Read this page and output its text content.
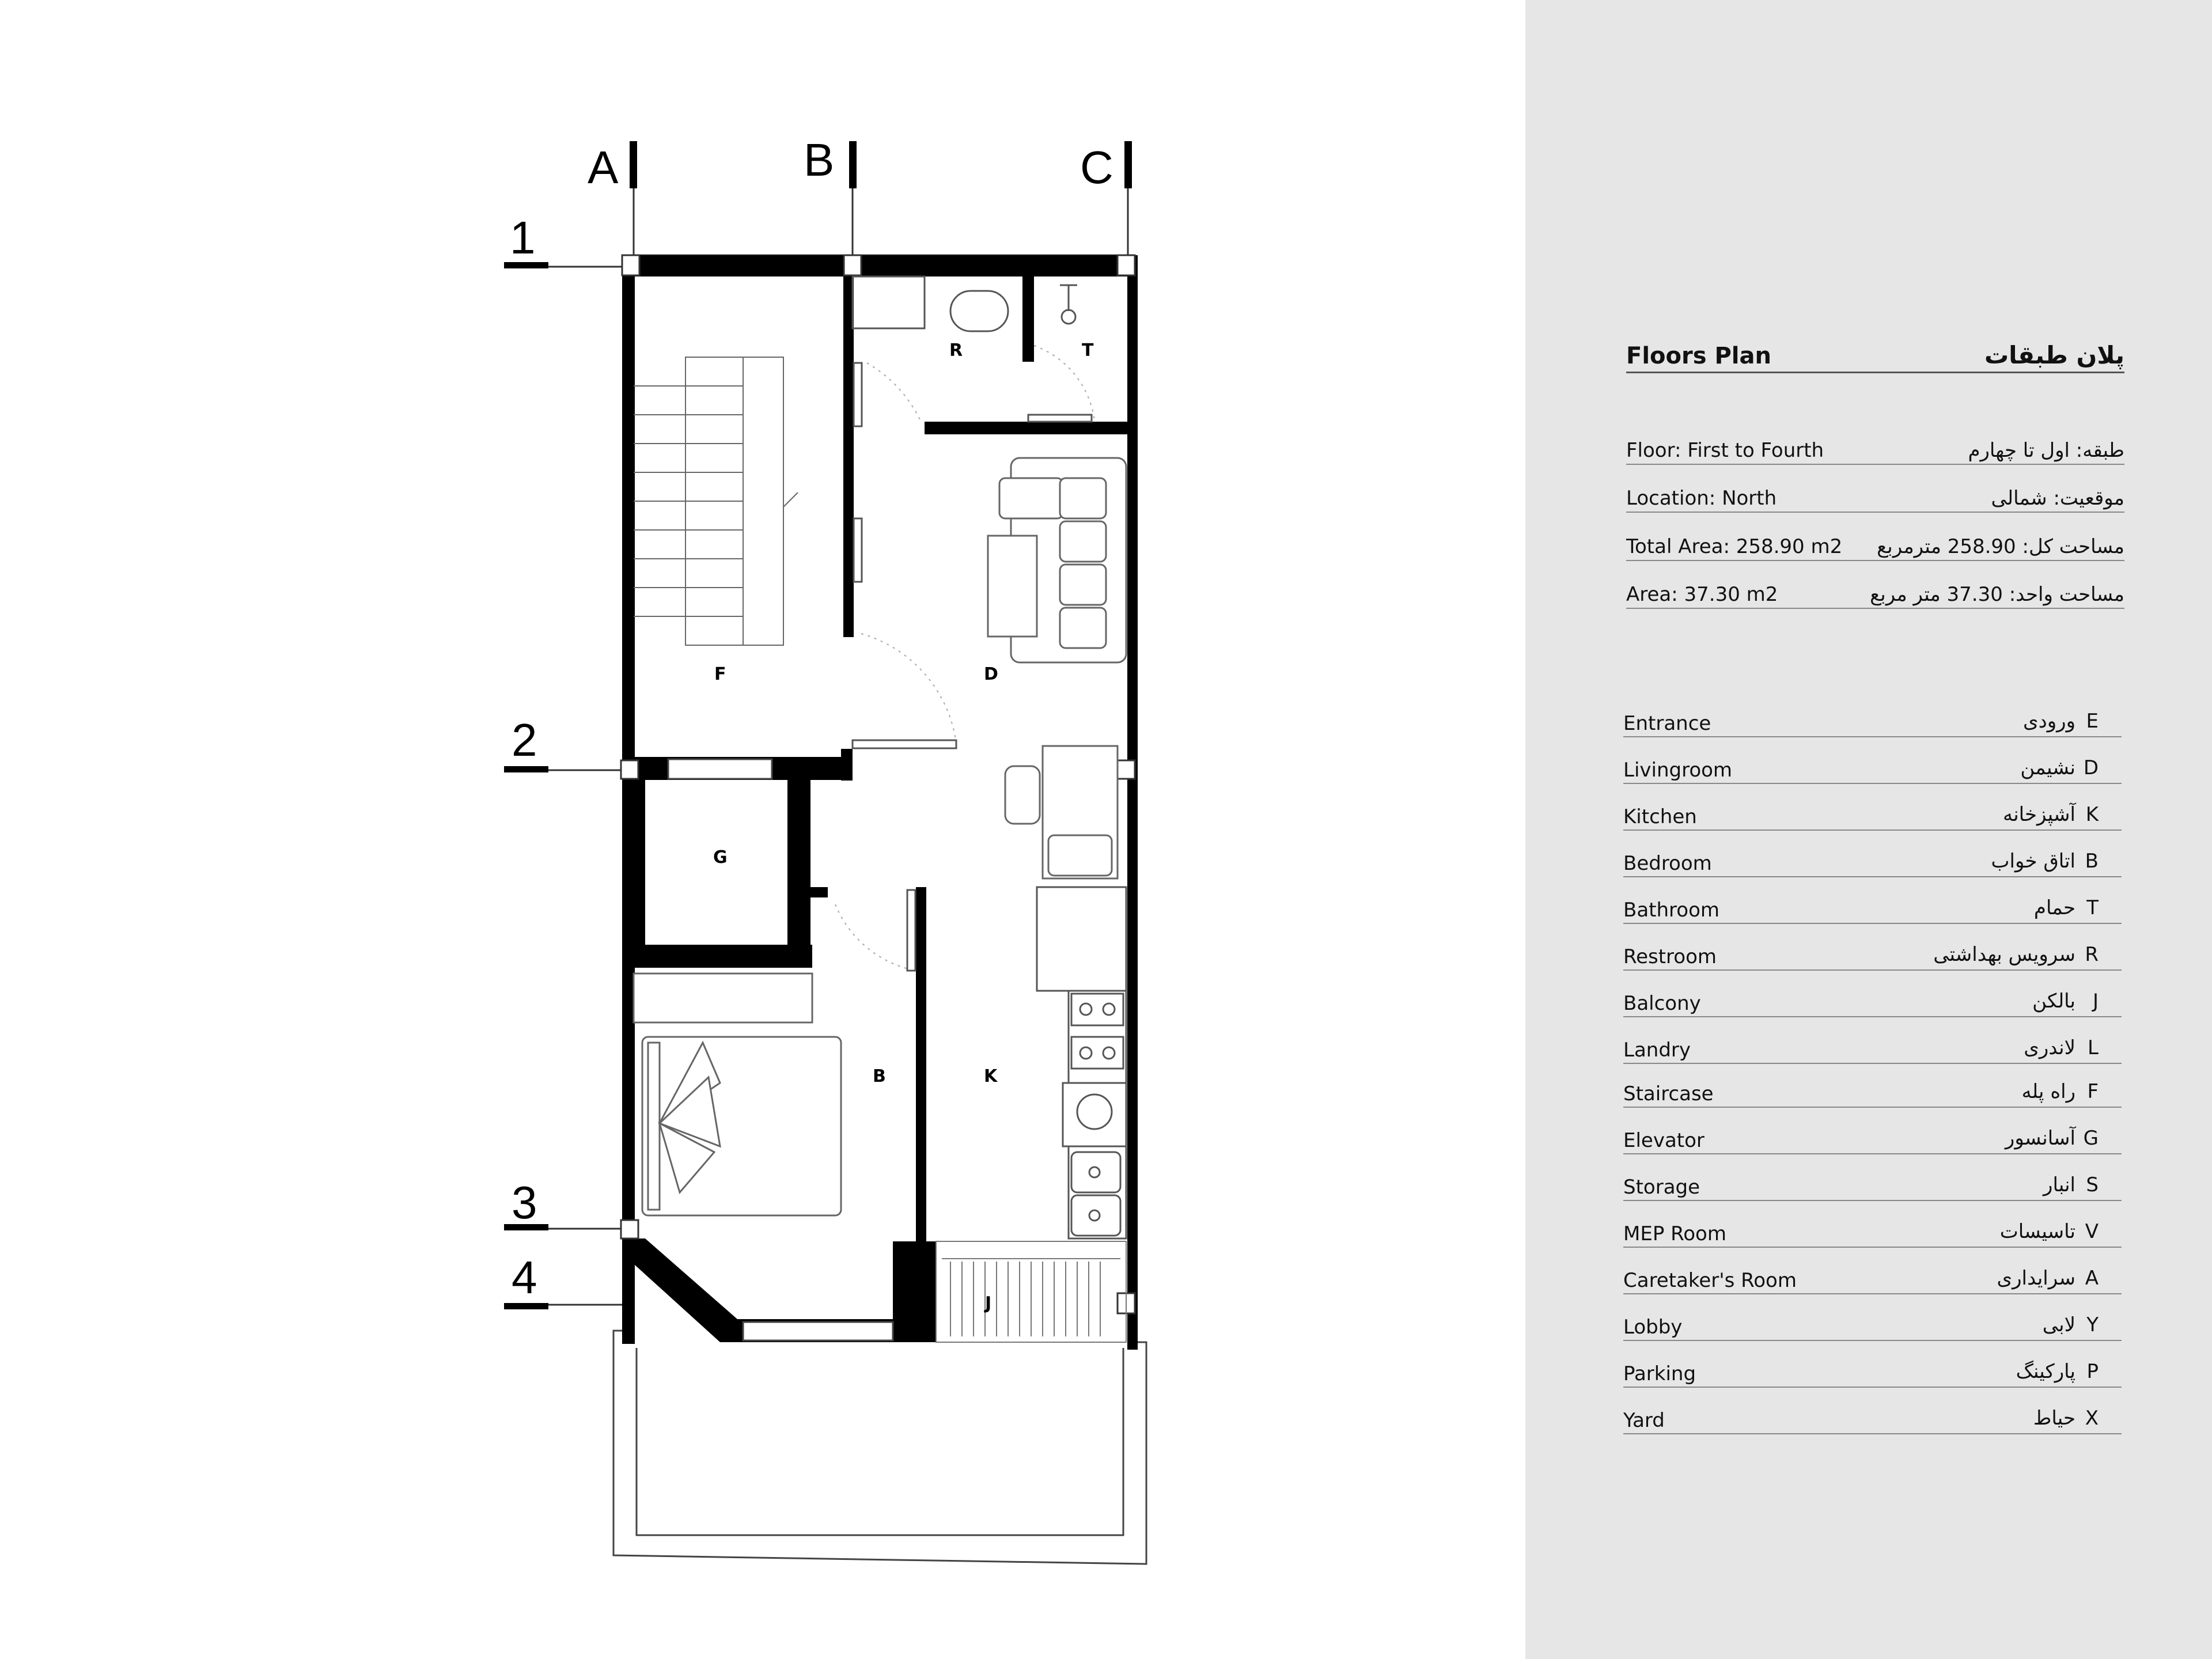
A	B	C
1
2
3
4
R	T
F	D
G
B	K
J
Floors Plan	پلان طبقات
Floor: First to Fourth	طبقه: اول تا چهارم
Location: North	موقعیت: شمالی
Total Area: 258.90 m2 مساحت کل: 258.90 مترمربع
Area: 37.30 m2	مساحت واحد: 37.30 متر مربع
Entrance	ورودی E
Livingroom	نشیمن D
Kitchen	آشپزخانه K
Bedroom	اتاق خواب B
Bathroom	حمام T
Restroom	سرویس بهداشتی R
Balcony	بالکن J
Landry	لاندری L
Staircase	راه پله F
Elevator	آسانسور G
Storage	انبار S
MEP Room	تاسیسات V
Caretaker's Room	سرایداری A
Lobby	لابی Y
Parking	پارکینگ P
Yard	حیاط X
